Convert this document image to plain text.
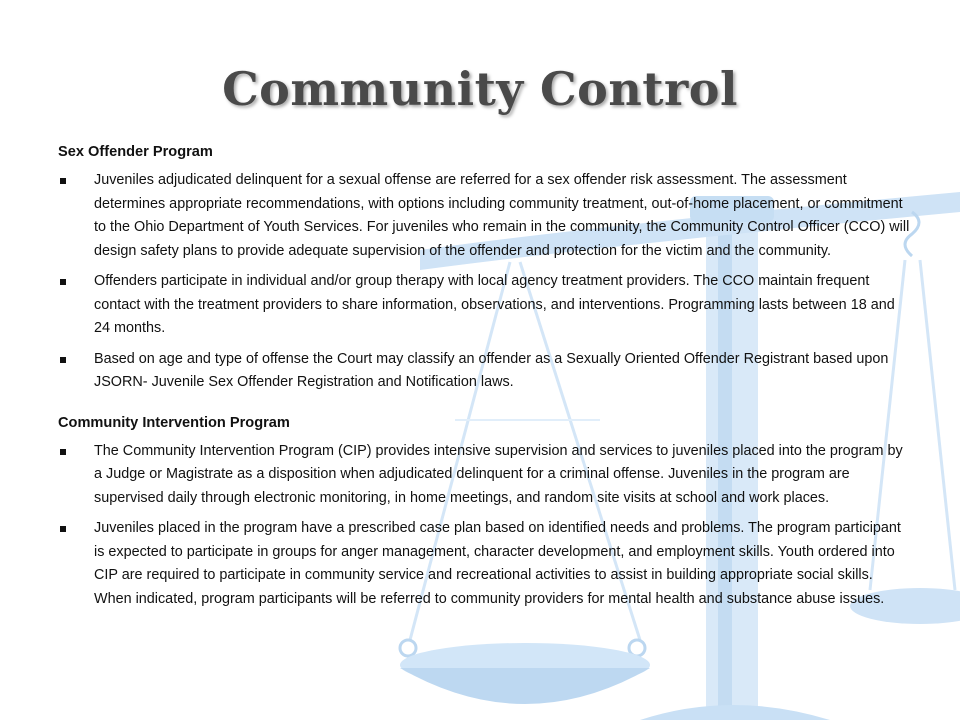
Community Control
Sex Offender Program
Juveniles adjudicated delinquent for a sexual offense are referred for a sex offender risk assessment. The assessment determines appropriate recommendations, with options including community treatment, out-of-home placement, or commitment to the Ohio Department of Youth Services. For juveniles who remain in the community, the Community Control Officer (CCO) will design safety plans to provide adequate supervision of the offender and protection for the victim and the community.
Offenders participate in individual and/or group therapy with local agency treatment providers. The CCO maintain frequent contact with the treatment providers to share information, observations, and interventions. Programming lasts between 18 and 24 months.
Based on age and type of offense the Court may classify an offender as a Sexually Oriented Offender Registrant based upon JSORN- Juvenile Sex Offender Registration and Notification laws.
Community Intervention Program
The Community Intervention Program (CIP) provides intensive supervision and services to juveniles placed into the program by a Judge or Magistrate as a disposition when adjudicated delinquent for a criminal offense. Juveniles in the program are supervised daily through electronic monitoring, in home meetings, and random site visits at school and work places.
Juveniles placed in the program have a prescribed case plan based on identified needs and problems. The program participant is expected to participate in groups for anger management, character development, and employment skills. Youth ordered into CIP are required to participate in community service and recreational activities to assist in building appropriate social skills. When indicated, program participants will be referred to community providers for mental health and substance abuse issues.
